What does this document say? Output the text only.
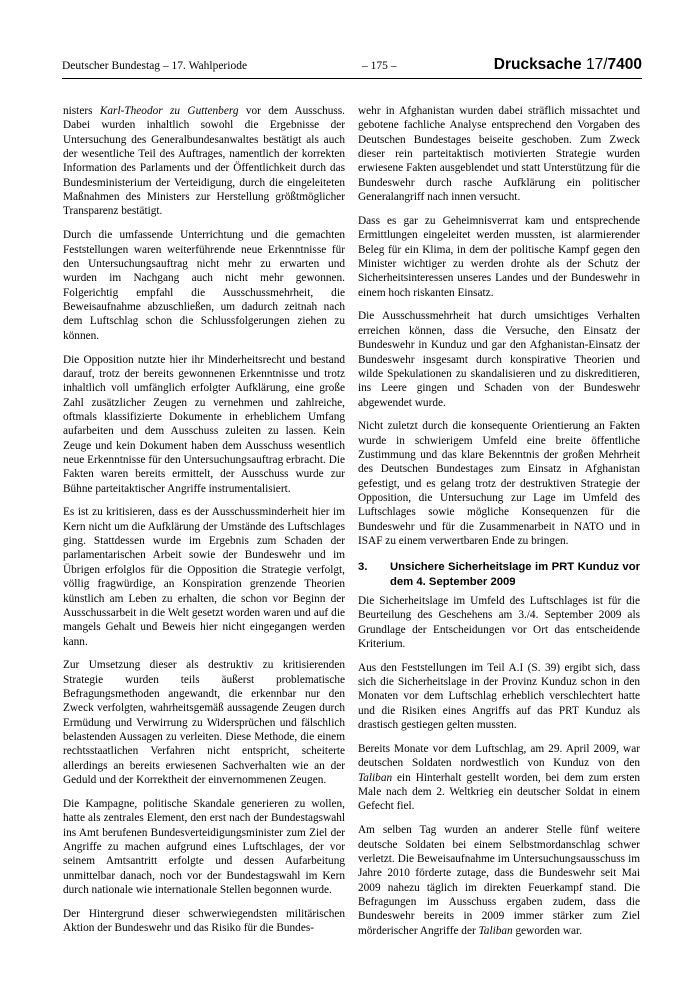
Deutscher Bundestag – 17. Wahlperiode	– 175 –	Drucksache 17/7400

nisters Karl-Theodor zu Guttenberg vor dem Ausschuss. Dabei wurden inhaltlich sowohl die Ergebnisse der Untersuchung des Generalbundesanwaltes bestätigt als auch der wesentliche Teil des Auftrages, namentlich der korrekten Information des Parlaments und der Öffentlichkeit durch das Bundesministerium der Verteidigung, durch die eingeleiteten Maßnahmen des Ministers zur Herstellung größtmöglicher Transparenz bestätigt.

Durch die umfassende Unterrichtung und die gemachten Feststellungen waren weiterführende neue Erkenntnisse für den Untersuchungsauftrag nicht mehr zu erwarten und wurden im Nachgang auch nicht mehr gewonnen. Folgerichtig empfahl die Ausschussmehrheit, die Beweisaufnahme abzuschließen, um dadurch zeitnah nach dem Luftschlag schon die Schlussfolgerungen ziehen zu können.

Die Opposition nutzte hier ihr Minderheitsrecht und bestand darauf, trotz der bereits gewonnenen Erkenntnisse und trotz inhaltlich voll umfänglich erfolgter Aufklärung, eine große Zahl zusätzlicher Zeugen zu vernehmen und zahlreiche, oftmals klassifizierte Dokumente in erheblichem Umfang aufarbeiten und dem Ausschuss zuleiten zu lassen. Kein Zeuge und kein Dokument haben dem Ausschuss wesentlich neue Erkenntnisse für den Untersuchungsauftrag erbracht. Die Fakten waren bereits ermittelt, der Ausschuss wurde zur Bühne parteitaktischer Angriffe instrumentalisiert.

Es ist zu kritisieren, dass es der Ausschussminderheit hier im Kern nicht um die Aufklärung der Umstände des Luftschlages ging. Stattdessen wurde im Ergebnis zum Schaden der parlamentarischen Arbeit sowie der Bundeswehr und im Übrigen erfolglos für die Opposition die Strategie verfolgt, völlig fragwürdige, an Konspiration grenzende Theorien künstlich am Leben zu erhalten, die schon vor Beginn der Ausschussarbeit in die Welt gesetzt worden waren und auf die mangels Gehalt und Beweis hier nicht eingegangen werden kann.

Zur Umsetzung dieser als destruktiv zu kritisierenden Strategie wurden teils äußerst problematische Befragungsmethoden angewandt, die erkennbar nur den Zweck verfolgten, wahrheitsgemäß aussagende Zeugen durch Ermüdung und Verwirrung zu Widersprüchen und fälschlich belastenden Aussagen zu verleiten. Diese Methode, die einem rechtsstaatlichen Verfahren nicht entspricht, scheiterte allerdings an bereits erwiesenen Sachverhalten wie an der Geduld und der Korrektheit der einvernommenen Zeugen.

Die Kampagne, politische Skandale generieren zu wollen, hatte als zentrales Element, den erst nach der Bundestagswahl ins Amt berufenen Bundesverteidigungsminister zum Ziel der Angriffe zu machen aufgrund eines Luftschlages, der vor seinem Amtsantritt erfolgte und dessen Aufarbeitung unmittelbar danach, noch vor der Bundestagswahl im Kern durch nationale wie internationale Stellen begonnen wurde.

Der Hintergrund dieser schwerwiegendsten militärischen Aktion der Bundeswehr und das Risiko für die Bundes-

wehr in Afghanistan wurden dabei sträflich missachtet und gebotene fachliche Analyse entsprechend den Vorgaben des Deutschen Bundestages beiseite geschoben. Zum Zweck dieser rein parteitaktisch motivierten Strategie wurden erwiesene Fakten ausgeblendet und statt Unterstützung für die Bundeswehr durch rasche Aufklärung ein politischer Generalangriff nach innen versucht.

Dass es gar zu Geheimnisverrat kam und entsprechende Ermittlungen eingeleitet werden mussten, ist alarmierender Beleg für ein Klima, in dem der politische Kampf gegen den Minister wichtiger zu werden drohte als der Schutz der Sicherheitsinteressen unseres Landes und der Bundeswehr in einem hoch riskanten Einsatz.

Die Ausschussmehrheit hat durch umsichtiges Verhalten erreichen können, dass die Versuche, den Einsatz der Bundeswehr in Kunduz und gar den Afghanistan-Einsatz der Bundeswehr insgesamt durch konspirative Theorien und wilde Spekulationen zu skandalisieren und zu diskreditieren, ins Leere gingen und Schaden von der Bundeswehr abgewendet wurde.

Nicht zuletzt durch die konsequente Orientierung an Fakten wurde in schwierigem Umfeld eine breite öffentliche Zustimmung und das klare Bekenntnis der großen Mehrheit des Deutschen Bundestages zum Einsatz in Afghanistan gefestigt, und es gelang trotz der destruktiven Strategie der Opposition, die Untersuchung zur Lage im Umfeld des Luftschlages sowie mögliche Konsequenzen für die Bundeswehr und für die Zusammenarbeit in NATO und in ISAF zu einem verwertbaren Ende zu bringen.

3.	Unsichere Sicherheitslage im PRT Kunduz vor dem 4. September 2009

Die Sicherheitslage im Umfeld des Luftschlages ist für die Beurteilung des Geschehens am 3./4. September 2009 als Grundlage der Entscheidungen vor Ort das entscheidende Kriterium.

Aus den Feststellungen im Teil A.I (S. 39) ergibt sich, dass sich die Sicherheitslage in der Provinz Kunduz schon in den Monaten vor dem Luftschlag erheblich verschlechtert hatte und die Risiken eines Angriffs auf das PRT Kunduz als drastisch gestiegen gelten mussten.

Bereits Monate vor dem Luftschlag, am 29. April 2009, war deutschen Soldaten nordwestlich von Kunduz von den Taliban ein Hinterhalt gestellt worden, bei dem zum ersten Male nach dem 2. Weltkrieg ein deutscher Soldat in einem Gefecht fiel.

Am selben Tag wurden an anderer Stelle fünf weitere deutsche Soldaten bei einem Selbstmordanschlag schwer verletzt. Die Beweisaufnahme im Untersuchungsausschuss im Jahre 2010 förderte zutage, dass die Bundeswehr seit Mai 2009 nahezu täglich im direkten Feuerkampf stand. Die Befragungen im Ausschuss ergaben zudem, dass die Bundeswehr bereits in 2009 immer stärker zum Ziel mörderischer Angriffe der Taliban geworden war.
